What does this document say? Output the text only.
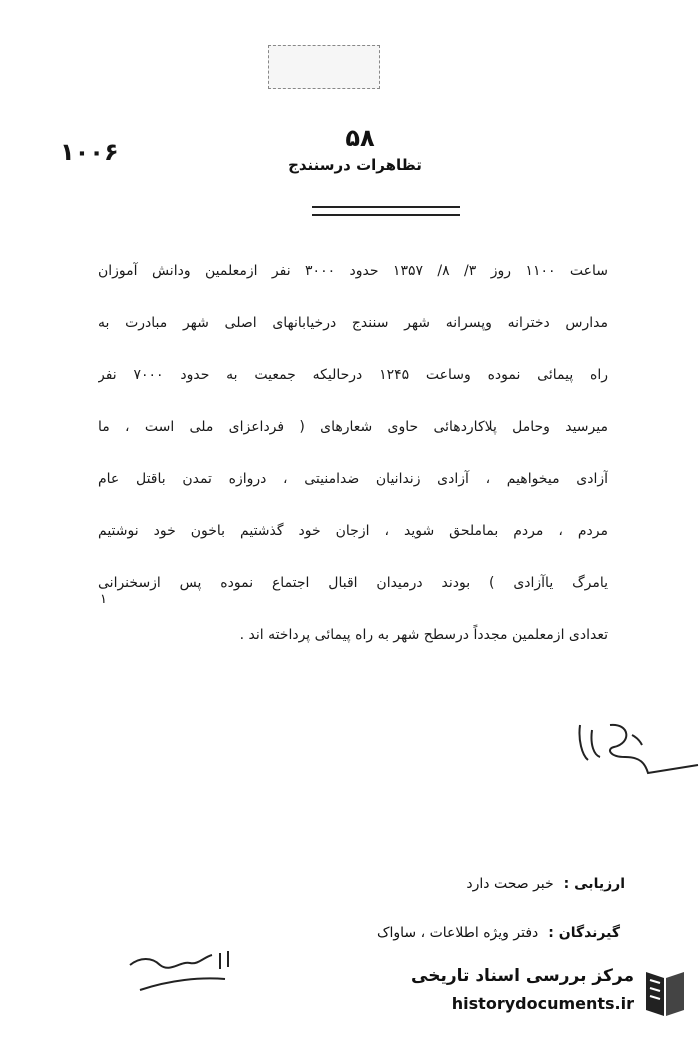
۱۰۰۶	۵۸
تظاهرات درسنندج
ساعت ۱۱۰۰ روز ۳/ ۸/ ۱۳۵۷ حدود ۳۰۰۰ نفر ازمعلمین ودانش آموزان
مدارس دخترانه وپسرانه شهر سنندج درخیابانهای اصلی شهر مبادرت به
راه پیمائی نموده وساعت ۱۲۴۵ درحالیکه جمعیت به حدود ۷۰۰۰ نفر
میرسید وحامل پلاکاردهائی حاوی شعارهای ( فرداعزای ملی است ، ما
آزادی میخواهیم ، آزادی زندانیان ضدامنیتی ، دروازه تمدن باقتل عام
مردم ، مردم بماملحق شوید ، ازجان خود گذشتیم باخون خود نوشتیم
یامرگ یاآزادی ) بودند درمیدان اقبال اجتماع نموده پس ازسخنرانی
تعدادی ازمعلمین مجدداً درسطح شهر به راه پیمائی پرداخته اند .
۱
ارزیابی :خبر صحت دارد
گیرندگان :دفتر ویژه اطلاعات ، ساواک
مرکز بررسی اسناد تاریخی
historydocuments.ir
